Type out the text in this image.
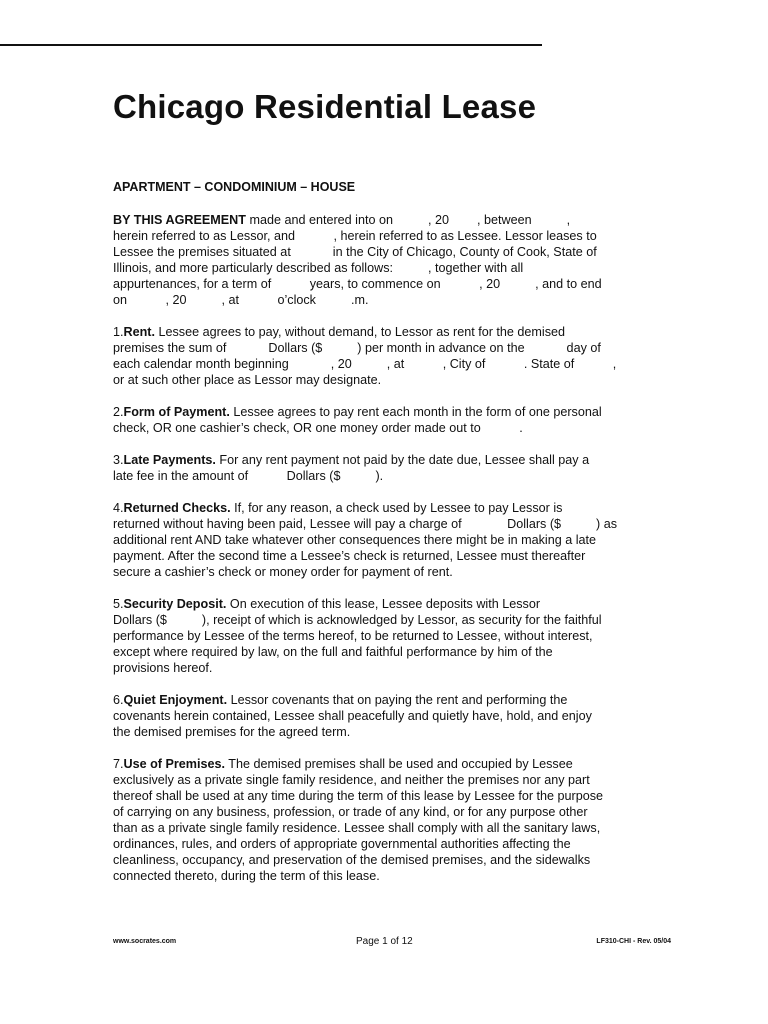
Chicago Residential Lease
APARTMENT – CONDOMINIUM – HOUSE
BY THIS AGREEMENT made and entered into on          , 20        , between          ,
herein referred to as Lessor, and           , herein referred to as Lessee. Lessor leases to
Lessee the premises situated at            in the City of Chicago, County of Cook, State of
Illinois, and more particularly described as follows:          , together with all
appurtenances, for a term of           years, to commence on           , 20          , and to end
on           , 20          , at           o’clock          .m.
1.Rent. Lessee agrees to pay, without demand, to Lessor as rent for the demised
premises the sum of            Dollars ($          ) per month in advance on the            day of
each calendar month beginning            , 20          , at           , City of           . State of           ,
or at such other place as Lessor may designate.
2.Form of Payment. Lessee agrees to pay rent each month in the form of one personal
check, OR one cashier’s check, OR one money order made out to           .
3.Late Payments. For any rent payment not paid by the date due, Lessee shall pay a
late fee in the amount of           Dollars ($          ).
4.Returned Checks. If, for any reason, a check used by Lessee to pay Lessor is
returned without having been paid, Lessee will pay a charge of             Dollars ($          ) as
additional rent AND take whatever other consequences there might be in making a late
payment. After the second time a Lessee’s check is returned, Lessee must thereafter
secure a cashier’s check or money order for payment of rent.
5.Security Deposit. On execution of this lease, Lessee deposits with Lessor
Dollars ($          ), receipt of which is acknowledged by Lessor, as security for the faithful
performance by Lessee of the terms hereof, to be returned to Lessee, without interest,
except where required by law, on the full and faithful performance by him of the
provisions hereof.
6.Quiet Enjoyment. Lessor covenants that on paying the rent and performing the
covenants herein contained, Lessee shall peacefully and quietly have, hold, and enjoy
the demised premises for the agreed term.
7.Use of Premises. The demised premises shall be used and occupied by Lessee
exclusively as a private single family residence, and neither the premises nor any part
thereof shall be used at any time during the term of this lease by Lessee for the purpose
of carrying on any business, profession, or trade of any kind, or for any purpose other
than as a private single family residence. Lessee shall comply with all the sanitary laws,
ordinances, rules, and orders of appropriate governmental authorities affecting the
cleanliness, occupancy, and preservation of the demised premises, and the sidewalks
connected thereto, during the term of this lease.
www.socrates.com	Page 1 of 12	LF310-CHI - Rev. 05/04
